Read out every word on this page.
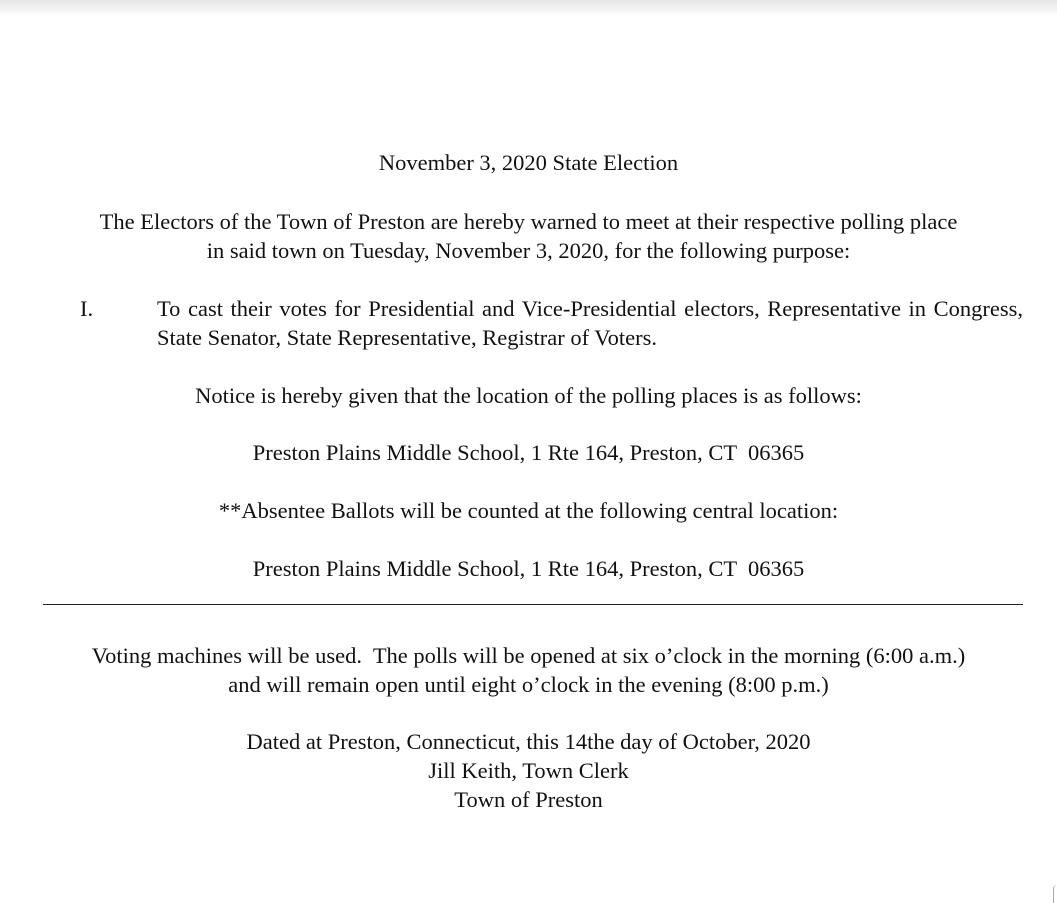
November 3, 2020 State Election
The Electors of the Town of Preston are hereby warned to meet at their respective polling place
in said town on Tuesday, November 3, 2020, for the following purpose:
I.	To cast their votes for Presidential and Vice-Presidential electors, Representative in Congress, State Senator, State Representative, Registrar of Voters.
Notice is hereby given that the location of the polling places is as follows:
Preston Plains Middle School, 1 Rte 164, Preston, CT  06365
**Absentee Ballots will be counted at the following central location:
Preston Plains Middle School, 1 Rte 164, Preston, CT  06365
Voting machines will be used.  The polls will be opened at six o’clock in the morning (6:00 a.m.)
and will remain open until eight o’clock in the evening (8:00 p.m.)
Dated at Preston, Connecticut, this 14the day of October, 2020
Jill Keith, Town Clerk
Town of Preston
